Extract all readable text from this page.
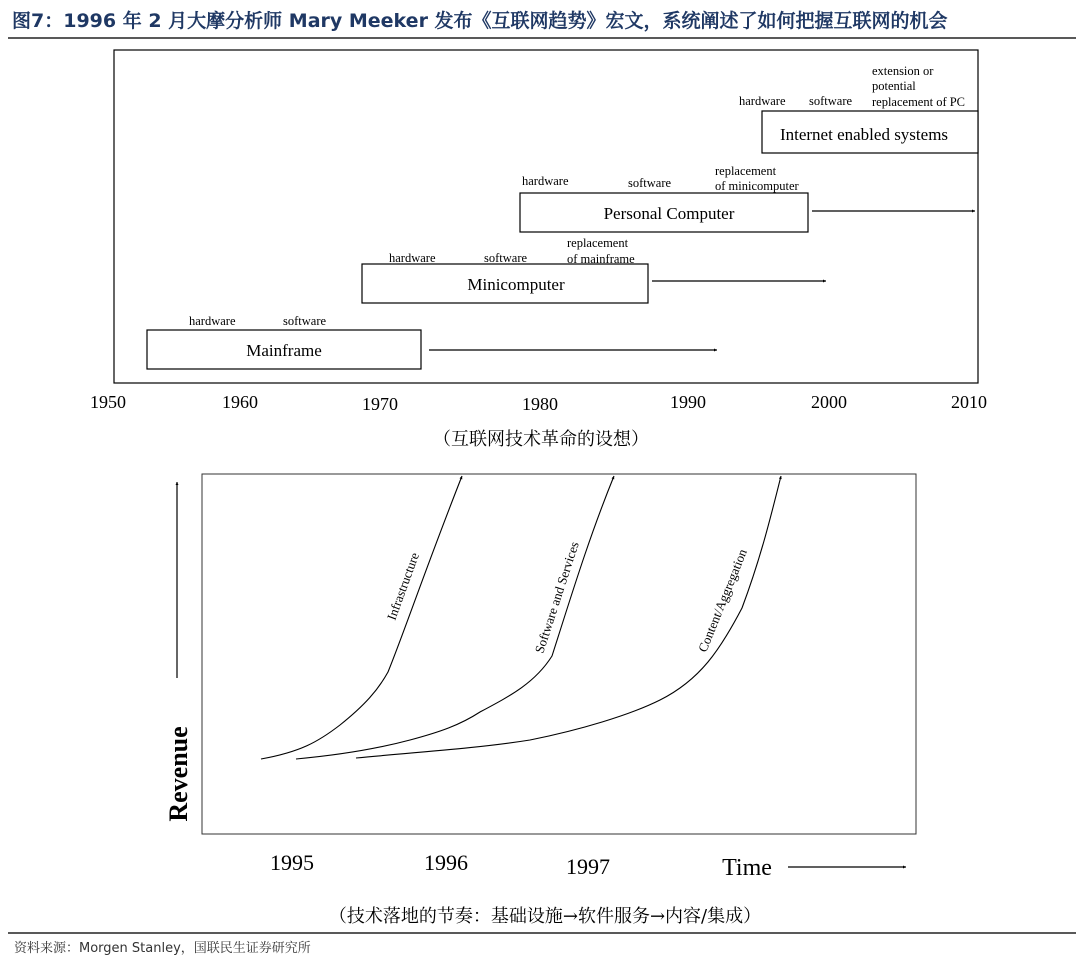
图7：1996 年 2 月大摩分析师 Mary Meeker 发布《互联网趋势》宏文，系统阐述了如何把握互联网的机会
Mainframe
Minicomputer
Personal Computer
Internet enabled systems
hardware	software
hardware	software
replacement
of mainframe
hardware	software
replacement
of minicomputer
hardware software
extension or
potential
replacement of PC
1950	1960	1970	1980	1990	2000	2010
（互联网技术革命的设想）
Revenue
Infrastructure	Software and Services	Content/Aggregation
1995	1996	1997	Time
（技术落地的节奏：基础设施→软件服务→内容/集成）
资料来源：Morgen Stanley，国联民生证券研究所
